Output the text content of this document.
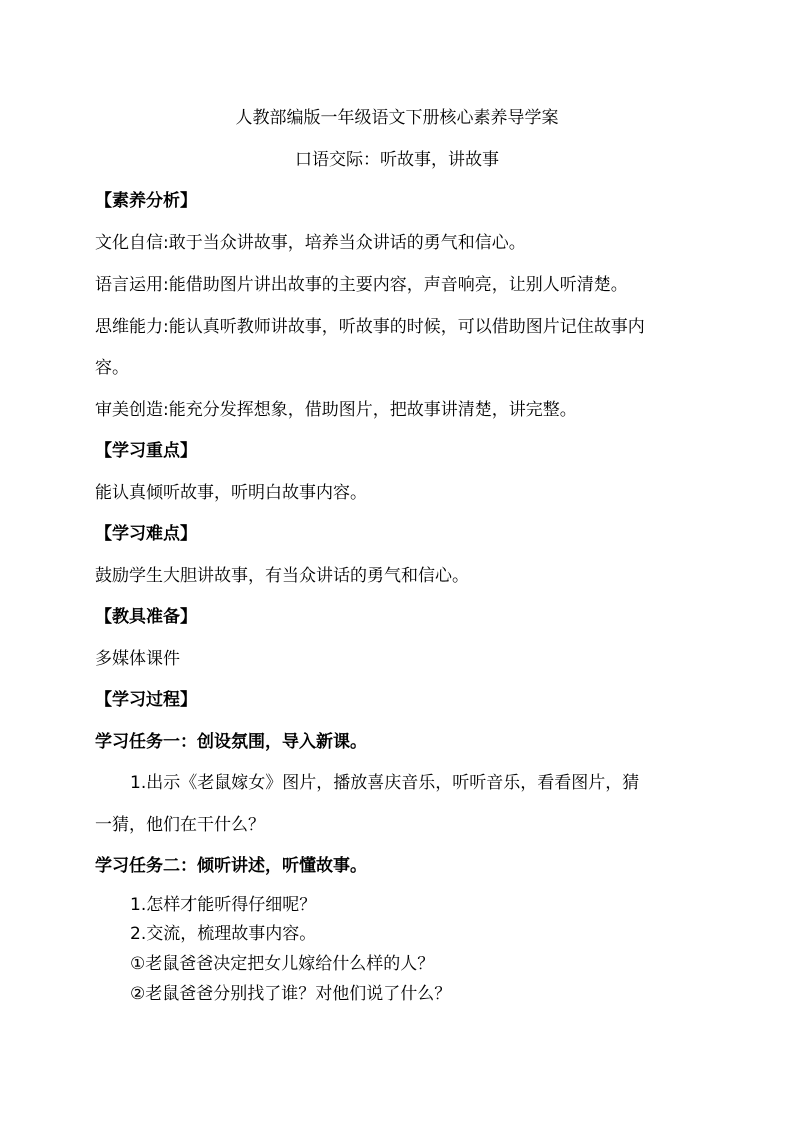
人教部编版一年级语文下册核心素养导学案
口语交际：听故事，讲故事
【素养分析】
文化自信:敢于当众讲故事，培养当众讲话的勇气和信心。
语言运用:能借助图片讲出故事的主要内容，声音响亮，让别人听清楚。
思维能力:能认真听教师讲故事，听故事的时候，可以借助图片记住故事内
容。
审美创造:能充分发挥想象，借助图片，把故事讲清楚，讲完整。
【学习重点】
能认真倾听故事，听明白故事内容。
【学习难点】
鼓励学生大胆讲故事，有当众讲话的勇气和信心。
【教具准备】
多媒体课件
【学习过程】
学习任务一：创设氛围，导入新课。
1.出示《老鼠嫁女》图片，播放喜庆音乐，听听音乐，看看图片，猜
一猜，他们在干什么？
学习任务二：倾听讲述，听懂故事。
1.怎样才能听得仔细呢？
2.交流，梳理故事内容。
①老鼠爸爸决定把女儿嫁给什么样的人？
②老鼠爸爸分别找了谁？对他们说了什么？
